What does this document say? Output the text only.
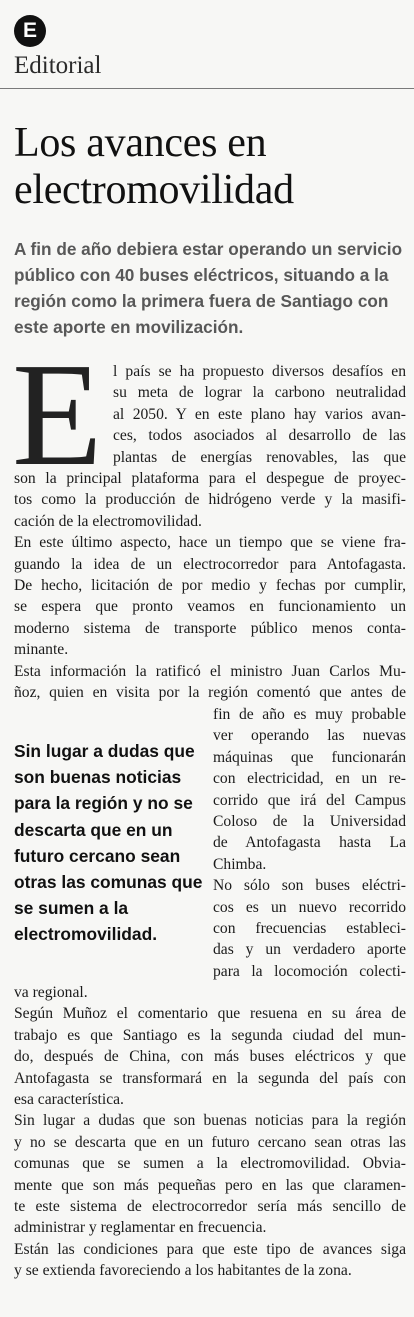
E
Editorial
Los avances en electromovilidad

A fin de año debiera estar operando un servicio público con 40 buses eléctricos, situando a la región como la primera fuera de Santiago con este aporte en movilización.

E l país se ha propuesto diversos desafíos en
su meta de lograr la carbono neutralidad
al 2050. Y en este plano hay varios avan-
ces, todos asociados al desarrollo de las
plantas de energías renovables, las que
son la principal plataforma para el despegue de proyec-
tos como la producción de hidrógeno verde y la masifi-
cación de la electromovilidad.
En este último aspecto, hace un tiempo que se viene fra-
guando la idea de un electrocorredor para Antofagasta.
De hecho, licitación de por medio y fechas por cumplir,
se espera que pronto veamos en funcionamiento un
moderno sistema de transporte público menos conta-
minante.
Esta información la ratificó el ministro Juan Carlos Mu-
ñoz, quien en visita por la región comentó que antes de
fin de año es muy probable
ver operando las nuevas
máquinas que funcionarán
con electricidad, en un re-
corrido que irá del Campus
Coloso de la Universidad
de Antofagasta hasta La
Chimba.
No sólo son buses eléctri-
cos es un nuevo recorrido
con frecuencias estableci-
das y un verdadero aporte
para la locomoción colecti-
Sin lugar a dudas que son buenas noticias para la región y no se descarta que en un futuro cercano sean otras las comunas que se sumen a la electromovilidad.
va regional.
Según Muñoz el comentario que resuena en su área de
trabajo es que Santiago es la segunda ciudad del mun-
do, después de China, con más buses eléctricos y que
Antofagasta se transformará en la segunda del país con
esa característica.
Sin lugar a dudas que son buenas noticias para la región
y no se descarta que en un futuro cercano sean otras las
comunas que se sumen a la electromovilidad. Obvia-
mente que son más pequeñas pero en las que claramen-
te este sistema de electrocorredor sería más sencillo de
administrar y reglamentar en frecuencia.
Están las condiciones para que este tipo de avances siga
y se extienda favoreciendo a los habitantes de la zona.
